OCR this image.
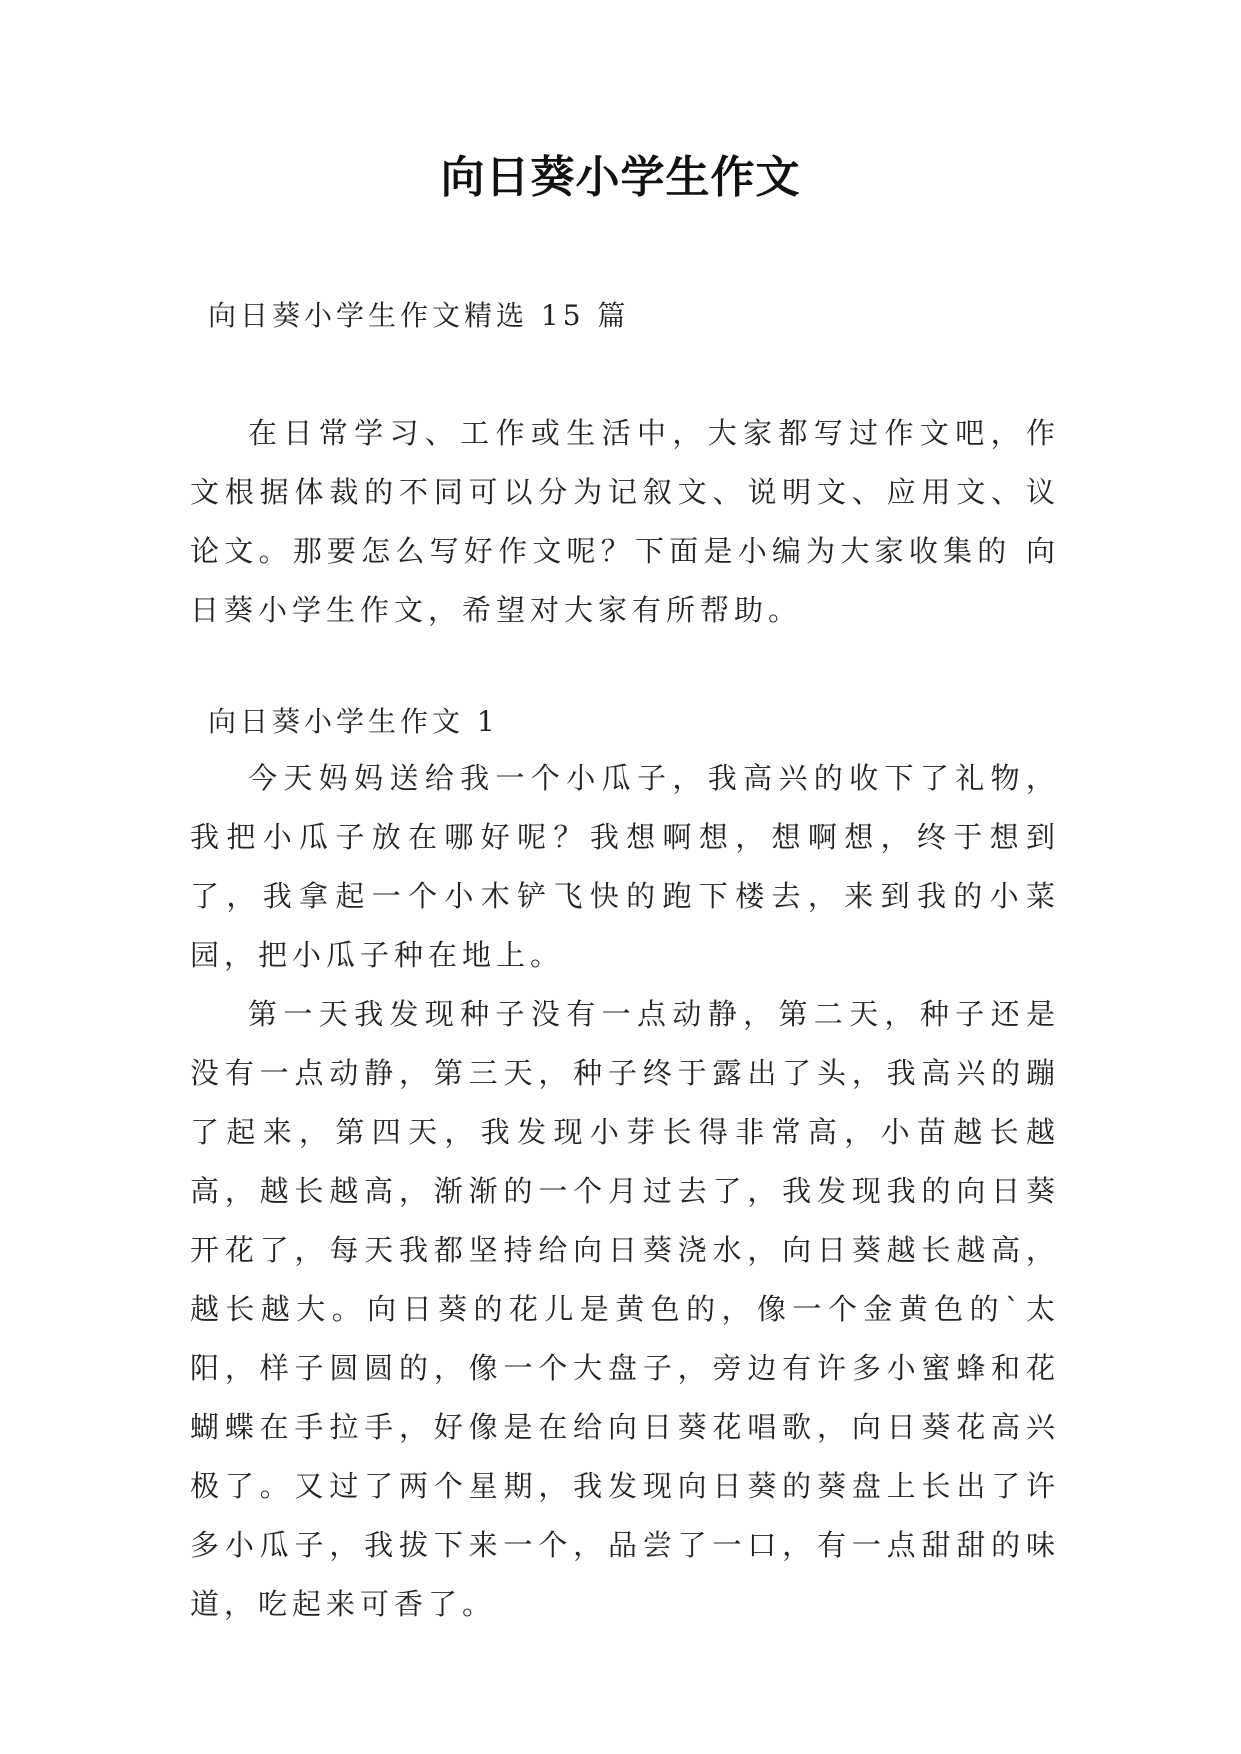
向日葵小学生作文
向日葵小学生作文精选 15 篇

在日常学习、工作或生活中，大家都写过作文吧，作文根据体裁的不同可以分为记叙文、说明文、应用文、议论文。那要怎么写好作文呢？下面是小编为大家收集的 向日葵小学生作文，希望对大家有所帮助。

向日葵小学生作文 1

今天妈妈送给我一个小瓜子，我高兴的收下了礼物，我把小瓜子放在哪好呢？我想啊想，想啊想，终于想到了，我拿起一个小木铲飞快的跑下楼去，来到我的小菜园，把小瓜子种在地上。

第一天我发现种子没有一点动静，第二天，种子还是没有一点动静，第三天，种子终于露出了头，我高兴的蹦了起来，第四天，我发现小芽长得非常高，小苗越长越高，越长越高，渐渐的一个月过去了，我发现我的向日葵开花了，每天我都坚持给向日葵浇水，向日葵越长越高，越长越大。向日葵的花儿是黄色的，像一个金黄色的`太阳，样子圆圆的，像一个大盘子，旁边有许多小蜜蜂和花蝴蝶在手拉手，好像是在给向日葵花唱歌，向日葵花高兴极了。又过了两个星期，我发现向日葵的葵盘上长出了许多小瓜子，我拔下来一个，品尝了一口，有一点甜甜的味道，吃起来可香了。
